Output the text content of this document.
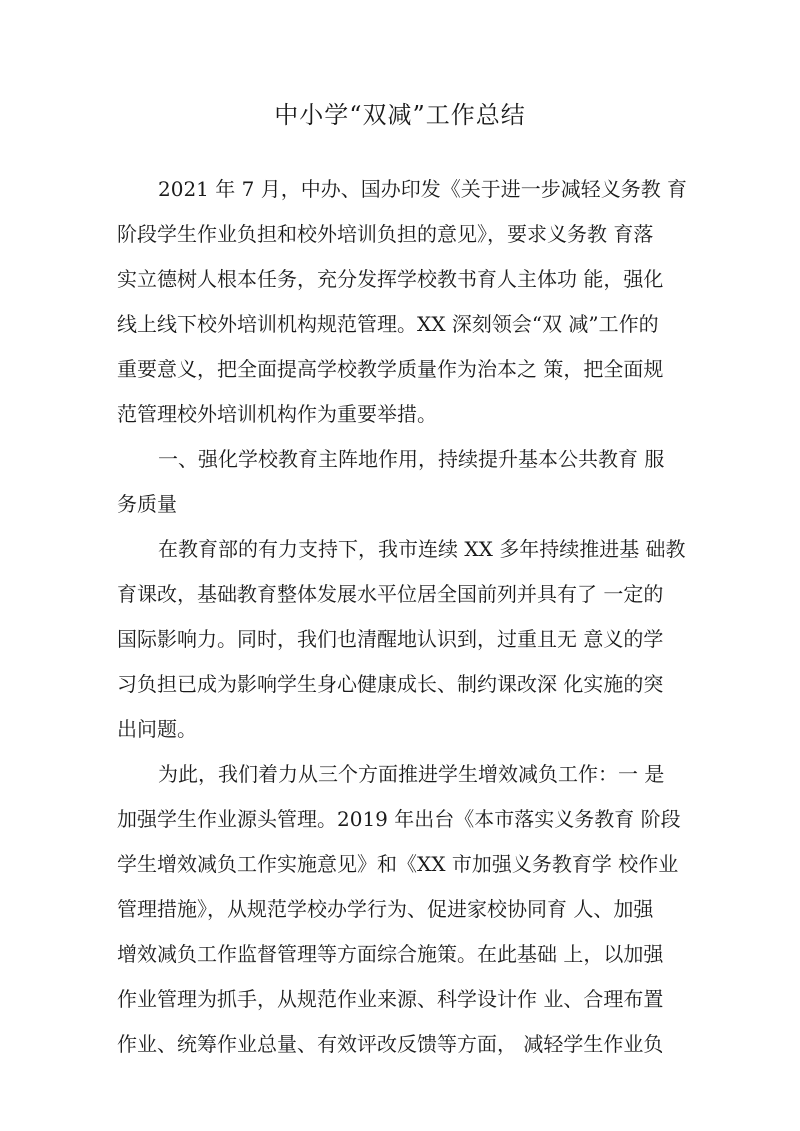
中小学“双减”工作总结
2021 年 7 月，中办、国办印发《关于进一步减轻义务教 育
阶段学生作业负担和校外培训负担的意见》，要求义务教 育落
实立德树人根本任务，充分发挥学校教书育人主体功 能，强化
线上线下校外培训机构规范管理。XX 深刻领会“双 减”工作的
重要意义，把全面提高学校教学质量作为治本之 策，把全面规
范管理校外培训机构作为重要举措。
一、强化学校教育主阵地作用，持续提升基本公共教育 服
务质量
在教育部的有力支持下，我市连续 XX 多年持续推进基 础教
育课改，基础教育整体发展水平位居全国前列并具有了 一定的
国际影响力。同时，我们也清醒地认识到，过重且无 意义的学
习负担已成为影响学生身心健康成长、制约课改深 化实施的突
出问题。
为此，我们着力从三个方面推进学生增效减负工作：一 是
加强学生作业源头管理。2019 年出台《本市落实义务教育 阶段
学生增效减负工作实施意见》和《XX 市加强义务教育学 校作业
管理措施》，从规范学校办学行为、促进家校协同育 人、加强
增效减负工作监督管理等方面综合施策。在此基础 上，以加强
作业管理为抓手，从规范作业来源、科学设计作 业、合理布置
作业、统筹作业总量、有效评改反馈等方面， 减轻学生作业负
